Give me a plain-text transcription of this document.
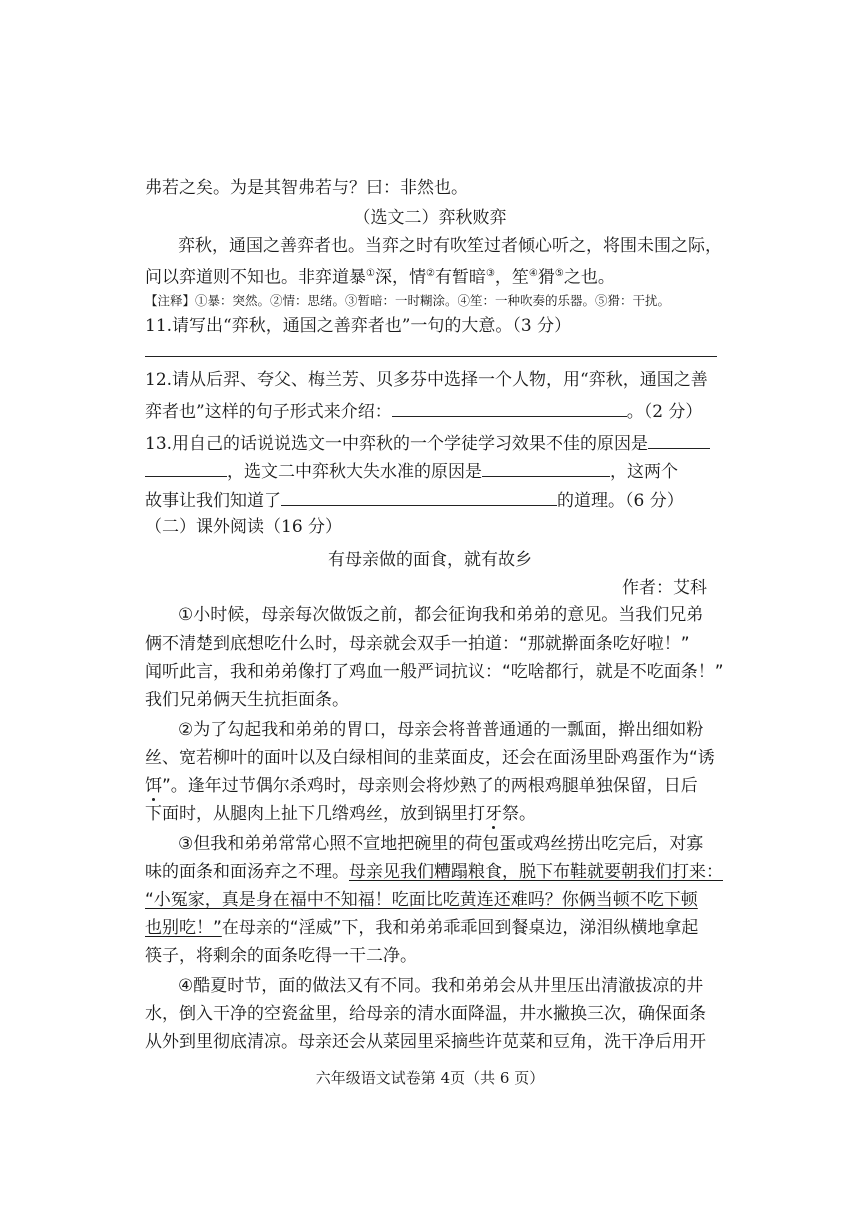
弗若之矣。为是其智弗若与？曰：非然也。
（选文二）弈秋败弈
弈秋，通国之善弈者也。当弈之时有吹笙过者倾心听之，将围未围之际，
问以弈道则不知也。非弈道暴①深，情②有暂暗③，笙④猾⑤之也。
【注释】①暴：突然。②情：思绪。③暂暗：一时糊涂。④笙：一种吹奏的乐器。⑤猾：干扰。
11.请写出“弈秋，通国之善弈者也”一句的大意。（3 分）
12.请从后羿、夸父、梅兰芳、贝多芬中选择一个人物，用“弈秋，通国之善
弈者也”这样的句子形式来介绍：	。（2 分）
13.用自己的话说说选文一中弈秋的一个学徒学习效果不佳的原因是
，选文二中弈秋大失水准的原因是	，这两个
故事让我们知道了	的道理。（6 分）
（二）课外阅读（16 分）
有母亲做的面食，就有故乡
作者：艾科
①小时候，母亲每次做饭之前，都会征询我和弟弟的意见。当我们兄弟
俩不清楚到底想吃什么时，母亲就会双手一拍道：“那就擀面条吃好啦！”
闻听此言，我和弟弟像打了鸡血一般严词抗议：“吃啥都行，就是不吃面条！”
我们兄弟俩天生抗拒面条。
②为了勾起我和弟弟的胃口，母亲会将普普通通的一瓢面，擀出细如粉
丝、宽若柳叶的面叶以及白绿相间的韭菜面皮，还会在面汤里卧鸡蛋作为“诱
饵”。逢年过节偶尔杀鸡时，母亲则会将炒熟了的两根鸡腿单独保留，日后
下面时，从腿肉上扯下几绺鸡丝，放到锅里打牙祭。
③但我和弟弟常常心照不宣地把碗里的荷包蛋或鸡丝捞出吃完后，对寡
味的面条和面汤弃之不理。母亲见我们糟蹋粮食，脱下布鞋就要朝我们打来：
“小冤家，真是身在福中不知福！吃面比吃黄连还难吗？你俩当顿不吃下顿
也别吃！”在母亲的“淫威”下，我和弟弟乖乖回到餐桌边，涕泪纵横地拿起
筷子，将剩余的面条吃得一干二净。
④酷夏时节，面的做法又有不同。我和弟弟会从井里压出清澈拔凉的井
水，倒入干净的空瓷盆里，给母亲的清水面降温，井水撇换三次，确保面条
从外到里彻底清凉。母亲还会从菜园里采摘些许苋菜和豆角，洗干净后用开
六年级语文试卷第 4页（共 6 页）
